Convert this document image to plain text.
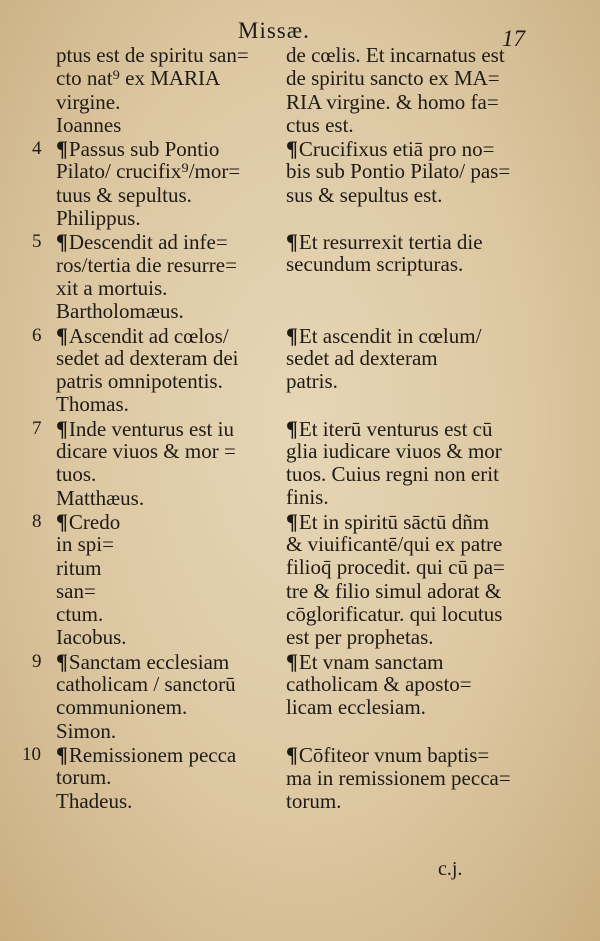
Missæ.	17
ptus est de spiritu san=
cto nat⁹ ex MARIA
virgine.
Ioannes
4 ¶Passus sub Pontio
Pilato/ crucifix⁹/mor=
tuus & sepultus.
Philippus.
5 ¶Descendit ad infe=
ros/tertia die resurre=
xit a mortuis.
Bartholomæus.
6 ¶Ascendit ad cœlos/
sedet ad dexteram dei
patris omnipotentis.
Thomas.
7 ¶Inde venturus est iu
dicare viuos & mor =
tuos.
Matthæus.
8 ¶Credo
in spi=
ritum
san=
ctum.
Iacobus.
9 ¶Sanctam ecclesiam
catholicam / sanctorū
communionem.
Simon.
10 ¶Remissionem pecca
torum.
Thadeus.
de cœlis. Et incarnatus est
de spiritu sancto ex MA=
RIA virgine. & homo fa=
ctus est.
¶Crucifixus etiā pro no=
bis sub Pontio Pilato/ pas=
sus & sepultus est.
¶Et resurrexit tertia die
secundum scripturas.
¶Et ascendit in cœlum/
sedet ad dexteram
patris.
¶Et iterū venturus est cū
glia iudicare viuos & mor
tuos. Cuius regni non erit
finis.
¶Et in spiritū sāctū dñm
& viuificantē/qui ex patre
filioq̄ procedit. qui cū pa=
tre & filio simul adorat &
cōglorificatur. qui locutus
est per prophetas.
¶Et vnam sanctam
catholicam & aposto=
licam ecclesiam.
¶Cōfiteor vnum baptis=
ma in remissionem pecca=
torum.
c.j.
